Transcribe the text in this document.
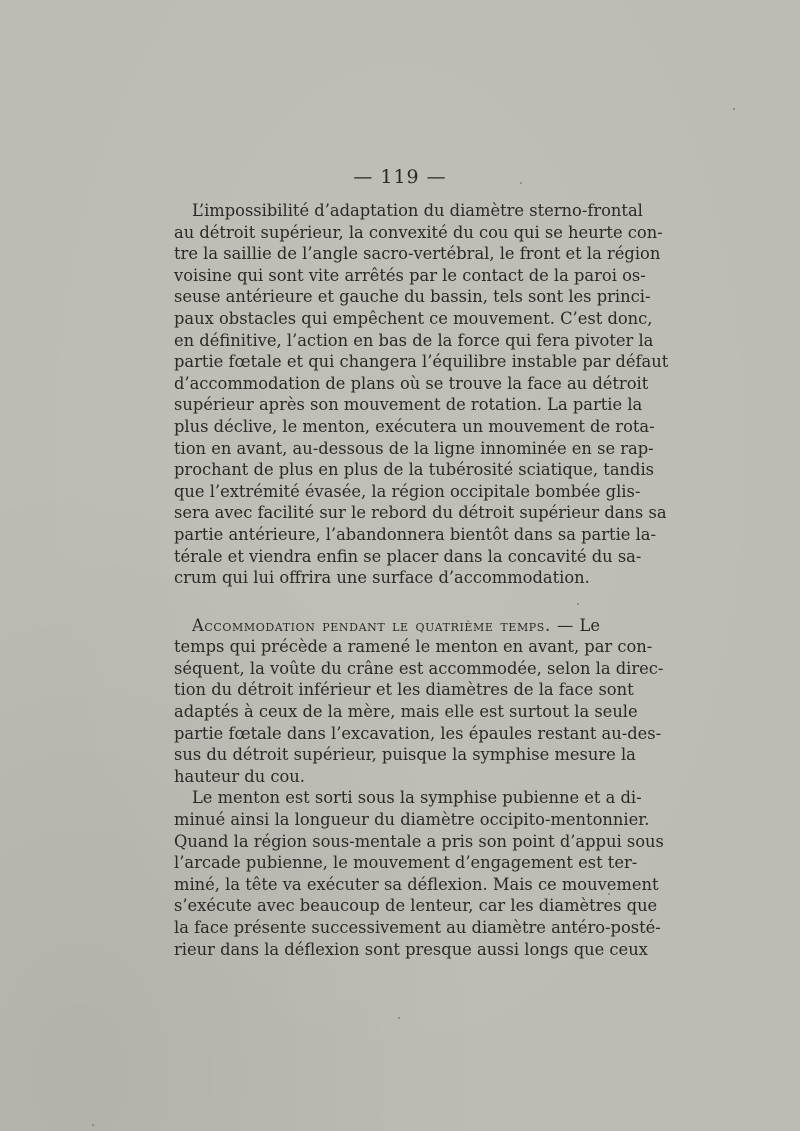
— 119 —

L’impossibilité d’adaptation du diamètre sterno-frontal
au détroit supérieur, la convexité du cou qui se heurte con-
tre la saillie de l’angle sacro-vertébral, le front et la région
voisine qui sont vite arrêtés par le contact de la paroi os-
seuse antérieure et gauche du bassin, tels sont les princi-
paux obstacles qui empêchent ce mouvement. C’est donc,
en définitive, l’action en bas de la force qui fera pivoter la
partie fœtale et qui changera l’équilibre instable par défaut
d’accommodation de plans où se trouve la face au détroit
supérieur après son mouvement de rotation. La partie la
plus déclive, le menton, exécutera un mouvement de rota-
tion en avant, au-dessous de la ligne innominée en se rap-
prochant de plus en plus de la tubérosité sciatique, tandis
que l’extrémité évasée, la région occipitale bombée glis-
sera avec facilité sur le rebord du détroit supérieur dans sa
partie antérieure, l’abandonnera bientôt dans sa partie la-
térale et viendra enfin se placer dans la concavité du sa-
crum qui lui offrira une surface d’accommodation.
Accommodation pendant le quatrième temps. — Le
temps qui précède a ramené le menton en avant, par con-
séquent, la voûte du crâne est accommodée, selon la direc-
tion du détroit inférieur et les diamètres de la face sont
adaptés à ceux de la mère, mais elle est surtout la seule
partie fœtale dans l’excavation, les épaules restant au-des-
sus du détroit supérieur, puisque la symphise mesure la
hauteur du cou.
Le menton est sorti sous la symphise pubienne et a di-
minué ainsi la longueur du diamètre occipito-mentonnier.
Quand la région sous-mentale a pris son point d’appui sous
l’arcade pubienne, le mouvement d’engagement est ter-
miné, la tête va exécuter sa déflexion. Mais ce mouvement
s’exécute avec beaucoup de lenteur, car les diamètres que
la face présente successivement au diamètre antéro-posté-
rieur dans la déflexion sont presque aussi longs que ceux
